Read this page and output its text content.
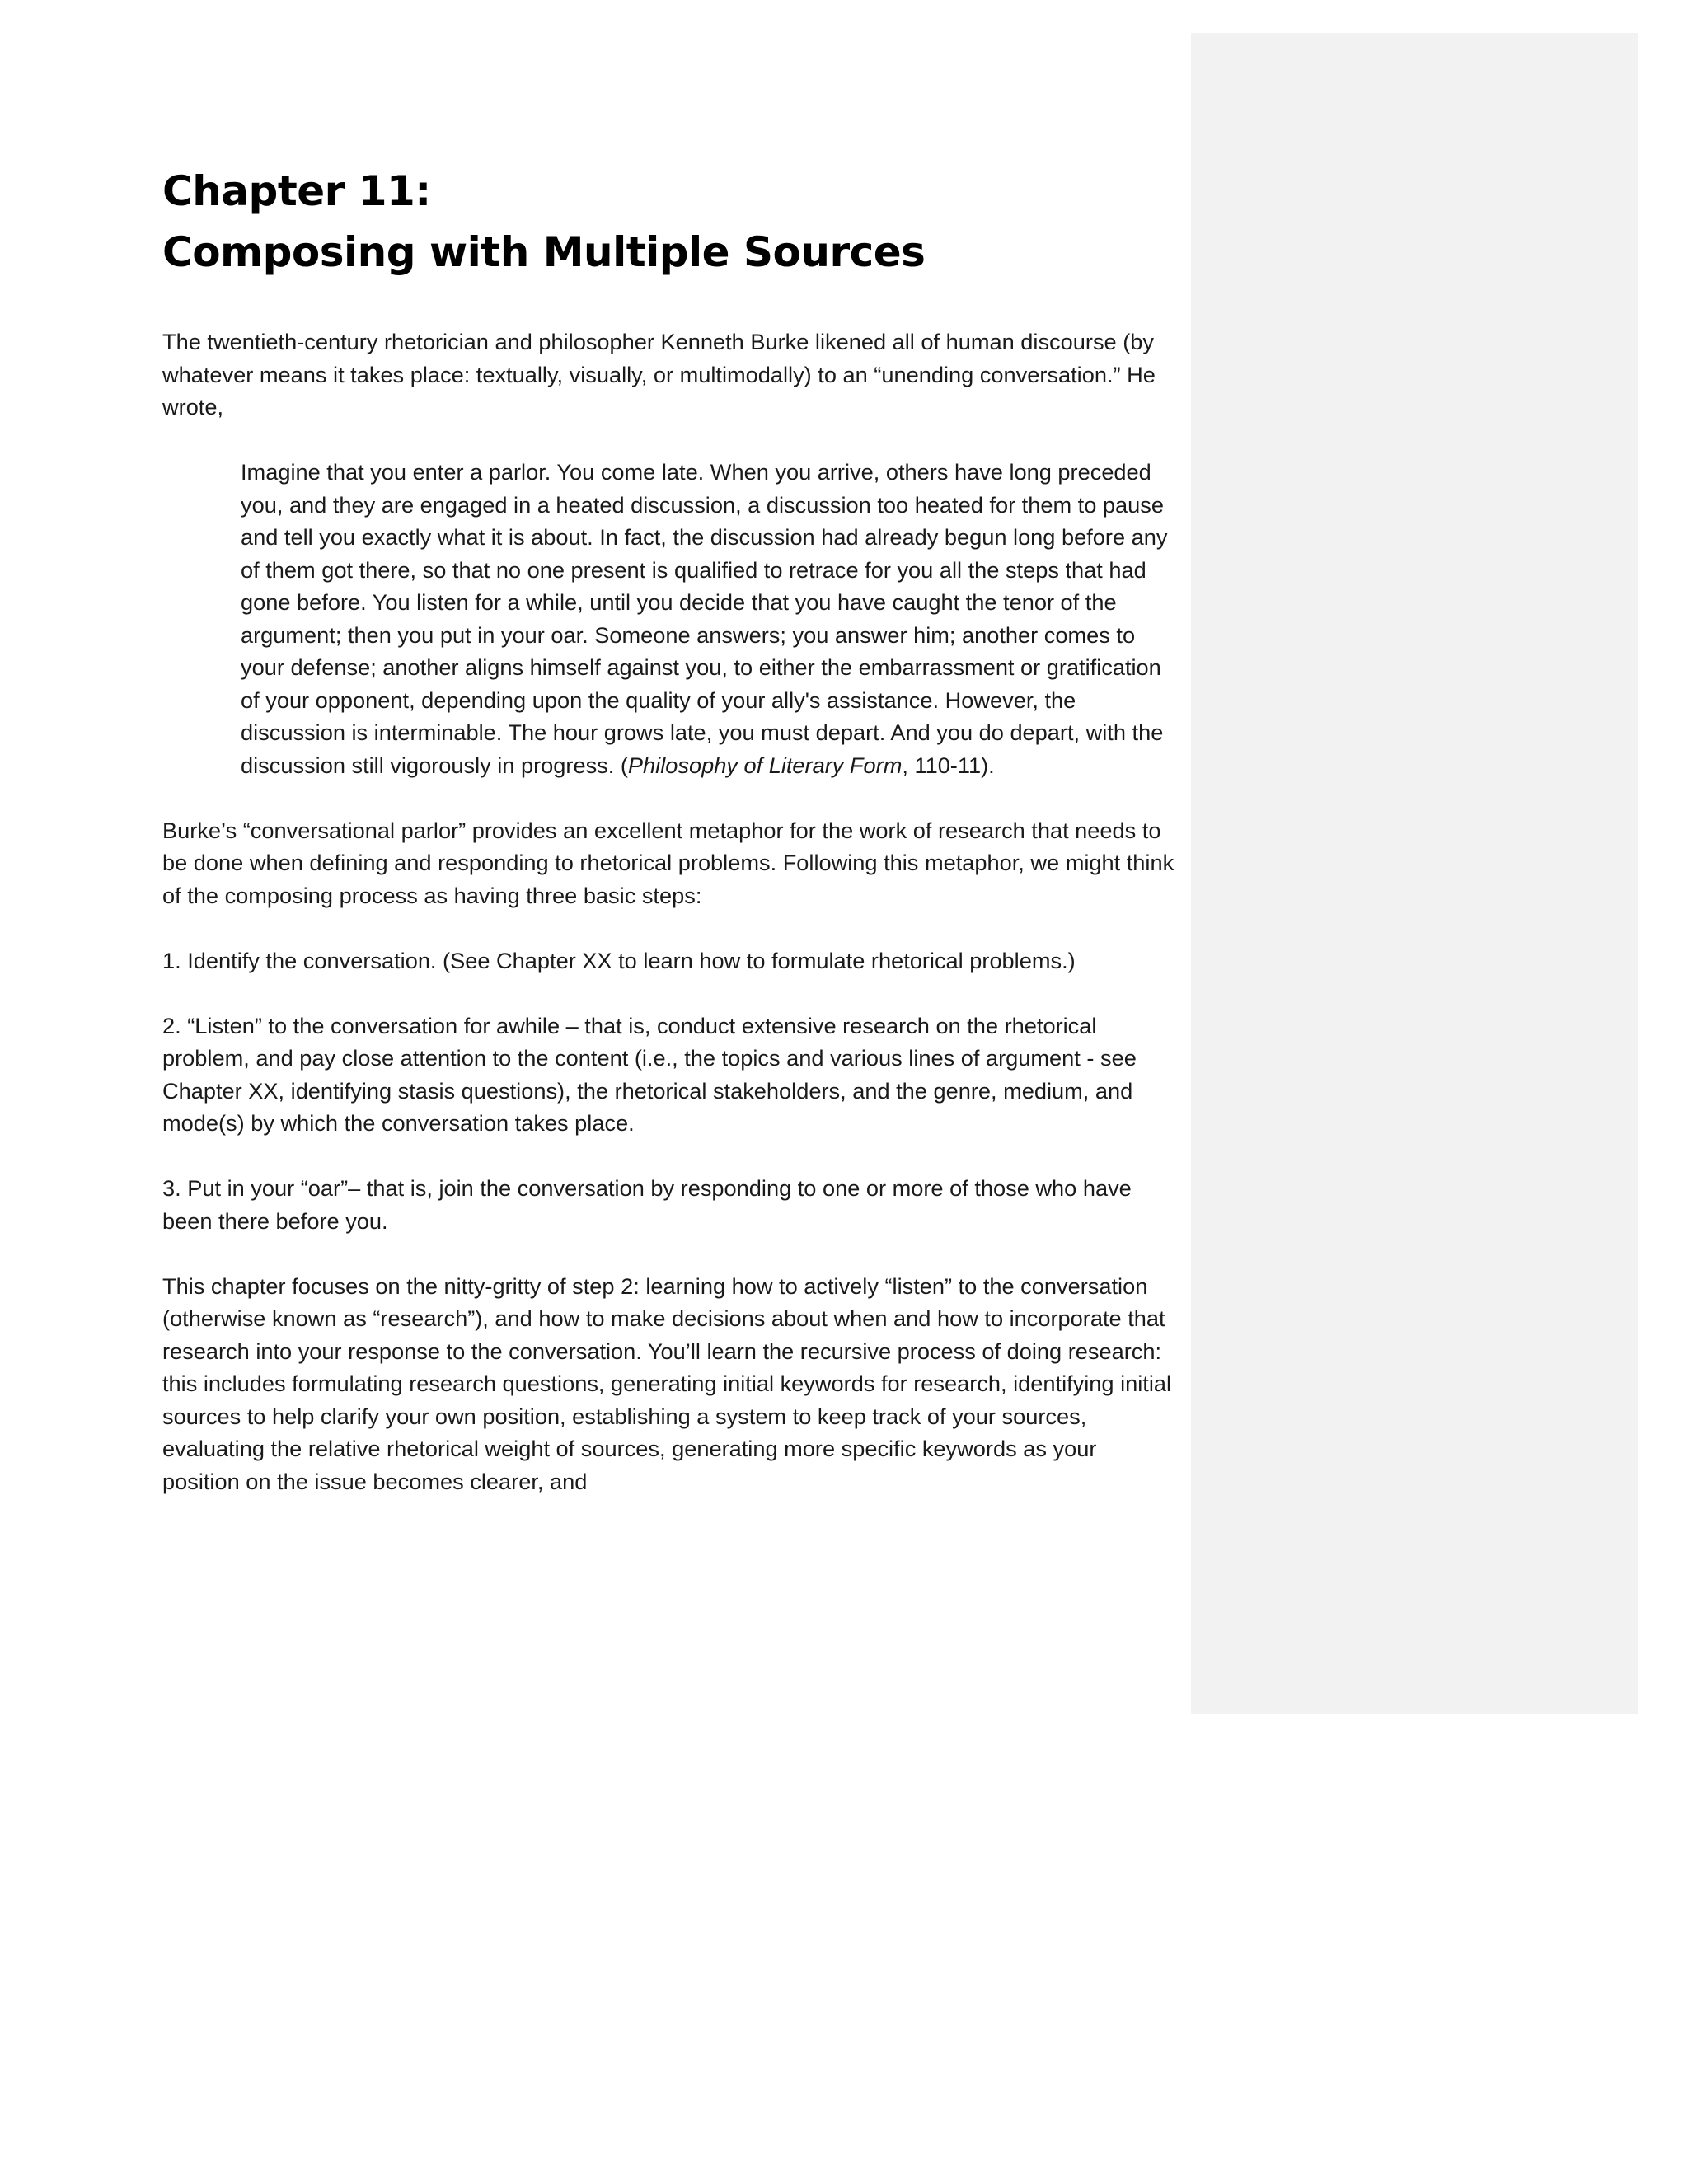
Chapter 11:
Composing with Multiple Sources

The twentieth-century rhetorician and philosopher Kenneth Burke likened all of human discourse (by whatever means it takes place: textually, visually, or multimodally) to an “unending conversation.” He wrote,

Imagine that you enter a parlor. You come late. When you arrive, others have long preceded you, and they are engaged in a heated discussion, a discussion too heated for them to pause and tell you exactly what it is about. In fact, the discussion had already begun long before any of them got there, so that no one present is qualified to retrace for you all the steps that had gone before. You listen for a while, until you decide that you have caught the tenor of the argument; then you put in your oar. Someone answers; you answer him; another comes to your defense; another aligns himself against you, to either the embarrassment or gratification of your opponent, depending upon the quality of your ally's assistance. However, the discussion is interminable. The hour grows late, you must depart. And you do depart, with the discussion still vigorously in progress. (Philosophy of Literary Form, 110-11).

Burke’s “conversational parlor” provides an excellent metaphor for the work of research that needs to be done when defining and responding to rhetorical problems. Following this metaphor, we might think of the composing process as having three basic steps:

1. Identify the conversation. (See Chapter XX to learn how to formulate rhetorical problems.)

2. “Listen” to the conversation for awhile – that is, conduct extensive research on the rhetorical problem, and pay close attention to the content (i.e., the topics and various lines of argument - see Chapter XX, identifying stasis questions), the rhetorical stakeholders, and the genre, medium, and mode(s) by which the conversation takes place.

3. Put in your “oar”– that is, join the conversation by responding to one or more of those who have been there before you.

This chapter focuses on the nitty-gritty of step 2: learning how to actively “listen” to the conversation (otherwise known as “research”), and how to make decisions about when and how to incorporate that research into your response to the conversation. You’ll learn the recursive process of doing research: this includes formulating research questions, generating initial keywords for research, identifying initial sources to help clarify your own position, establishing a system to keep track of your sources, evaluating the relative rhetorical weight of sources, generating more specific keywords as your position on the issue becomes clearer, and
